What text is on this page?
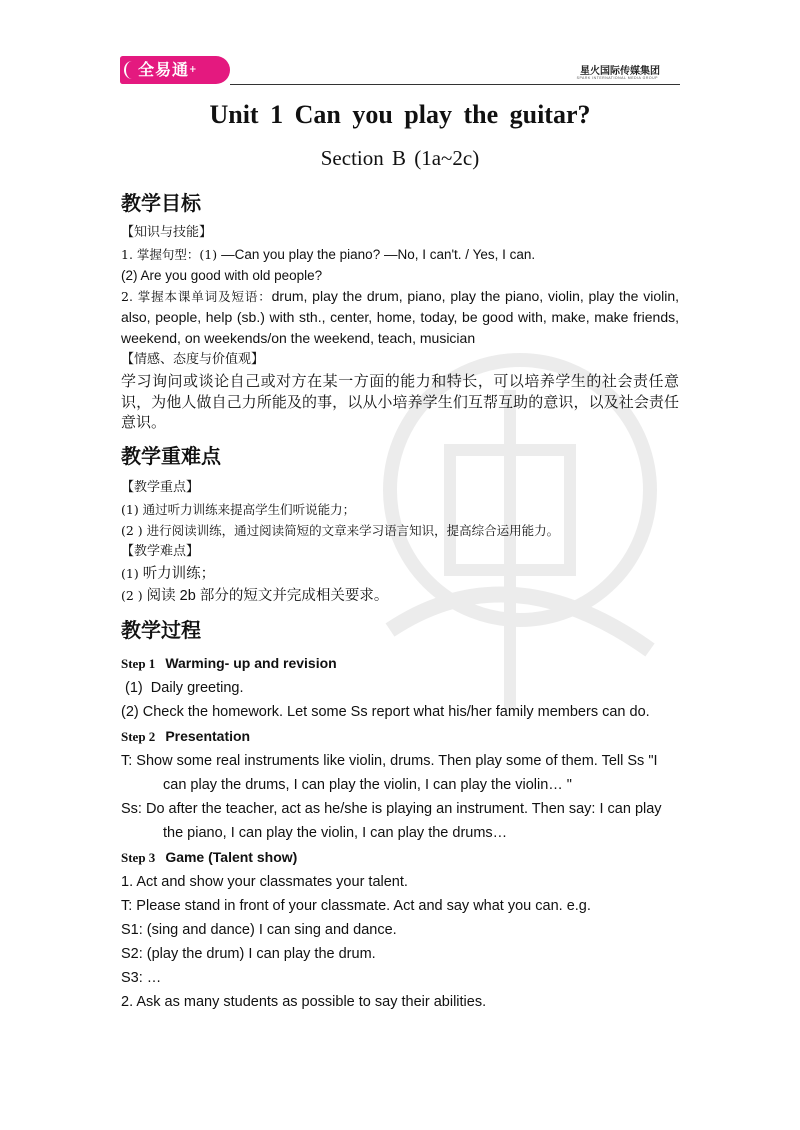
全易通+	星火国际传媒集团
SPARK INTERNATIONAL MEDIA GROUP
Unit 1 Can you play the guitar?
Section B (1a~2c)
教学目标
【知识与技能】
1. 掌握句型：(1) —Can you play the piano? —No, I can't. / Yes, I can.
(2) Are you good with old people?
2. 掌握本课单词及短语：drum, play the drum, piano, play the piano, violin, play the violin, also, people, help (sb.) with sth., center, home, today, be good with, make, make friends, weekend, on weekends/on the weekend, teach, musician
【情感、态度与价值观】
学习询问或谈论自己或对方在某一方面的能力和特长，可以培养学生的社会责任意识，为他人做自己力所能及的事，以从小培养学生们互帮互助的意识，以及社会责任意识。
教学重难点
【教学重点】
(1) 通过听力训练来提高学生们听说能力；
(2 ) 进行阅读训练，通过阅读简短的文章来学习语言知识，提高综合运用能力。
【教学难点】
(1) 听力训练；
(2 ) 阅读 2b 部分的短文并完成相关要求。
教学过程
Step 1 Warming- up and revision
(1)  Daily greeting.
(2) Check the homework. Let some Ss report what his/her family members can do.
Step 2 Presentation
T: Show some real instruments like violin, drums. Then play some of them. Tell Ss "I can play the drums, I can play the violin, I can play the violin… "
Ss: Do after the teacher, act as he/she is playing an instrument. Then say: I can play the piano, I can play the violin, I can play the drums…
Step 3 Game (Talent show)
1. Act and show your classmates your talent.
T: Please stand in front of your classmate. Act and say what you can. e.g.
S1: (sing and dance) I can sing and dance.
S2: (play the drum) I can play the drum.
S3: …
2. Ask as many students as possible to say their abilities.
